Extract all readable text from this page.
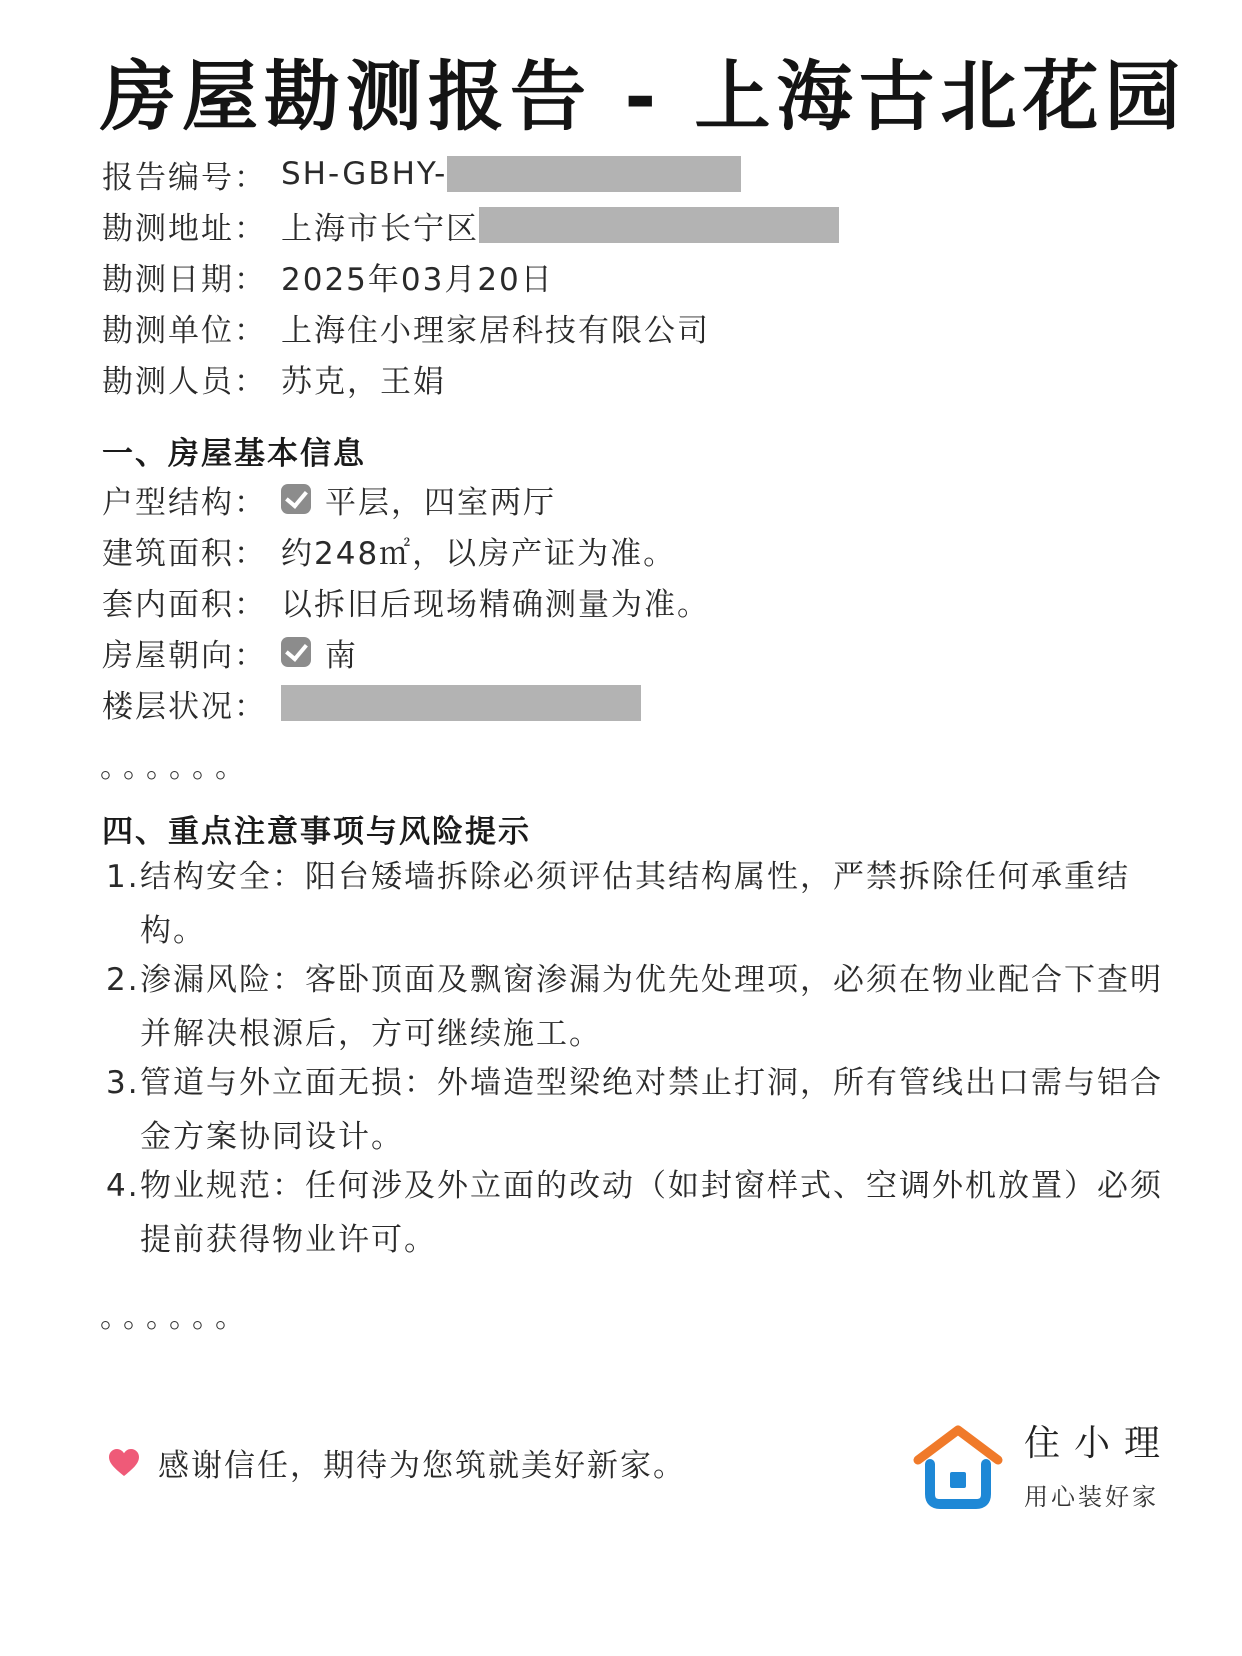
房屋勘测报告 - 上海古北花园
报告编号： SH-GBHY-
勘测地址： 上海市长宁区
勘测日期： 2025年03月20日
勘测单位： 上海住小理家居科技有限公司
勘测人员： 苏克，王娟
一、房屋基本信息
户型结构： 平层，四室两厅
建筑面积： 约248㎡，以房产证为准。
套内面积： 以拆旧后现场精确测量为准。
房屋朝向： 南
楼层状况：
。。。。。。
四、重点注意事项与风险提示
1. 结构安全：阳台矮墙拆除必须评估其结构属性，严禁拆除任何承重结构。
2. 渗漏风险：客卧顶面及飘窗渗漏为优先处理项，必须在物业配合下查明并解决根源后，方可继续施工。
3. 管道与外立面无损：外墙造型梁绝对禁止打洞，所有管线出口需与铝合金方案协同设计。
4. 物业规范：任何涉及外立面的改动（如封窗样式、空调外机放置）必须提前获得物业许可。
。。。。。。
感谢信任，期待为您筑就美好新家。
住小理
用心装好家
